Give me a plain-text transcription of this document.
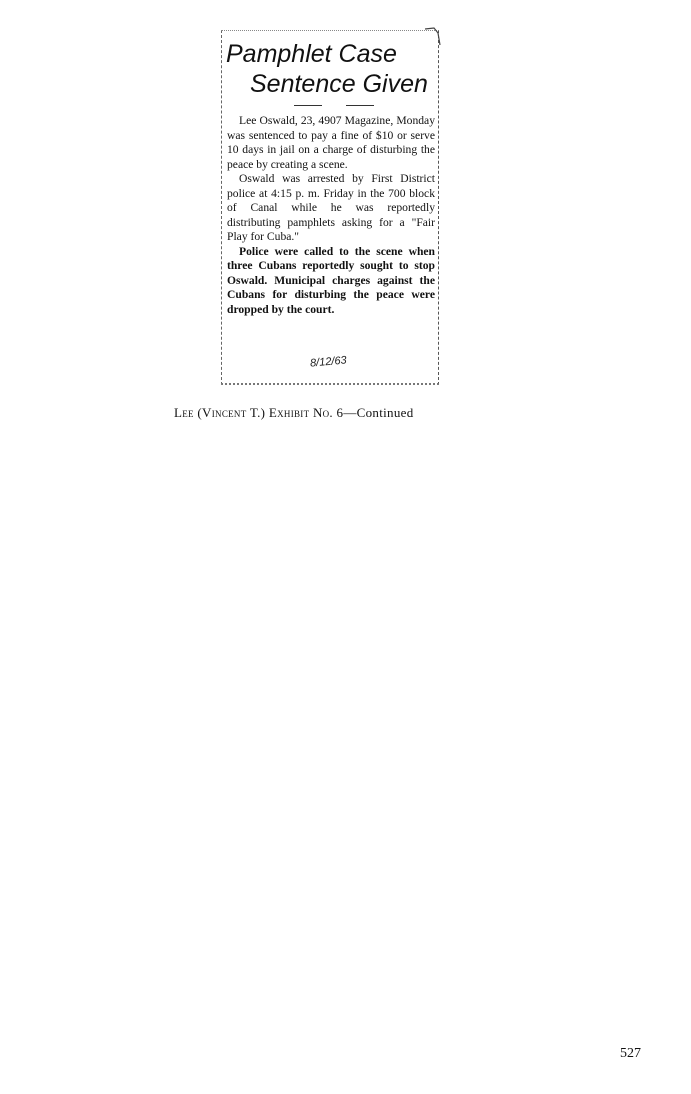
Pamphlet Case
Sentence Given

Lee Oswald, 23, 4907 Magazine, Monday was sentenced to pay a fine of $10 or serve 10 days in jail on a charge of disturbing the peace by creating a scene.

Oswald was arrested by First District police at 4:15 p. m. Friday in the 700 block of Canal while he was reportedly distributing pamphlets asking for a "Fair Play for Cuba."

Police were called to the scene when three Cubans reportedly sought to stop Oswald. Municipal charges against the Cubans for disturbing the peace were dropped by the court.

8/12/63
Lee (Vincent T.) Exhibit No. 6—Continued
527
